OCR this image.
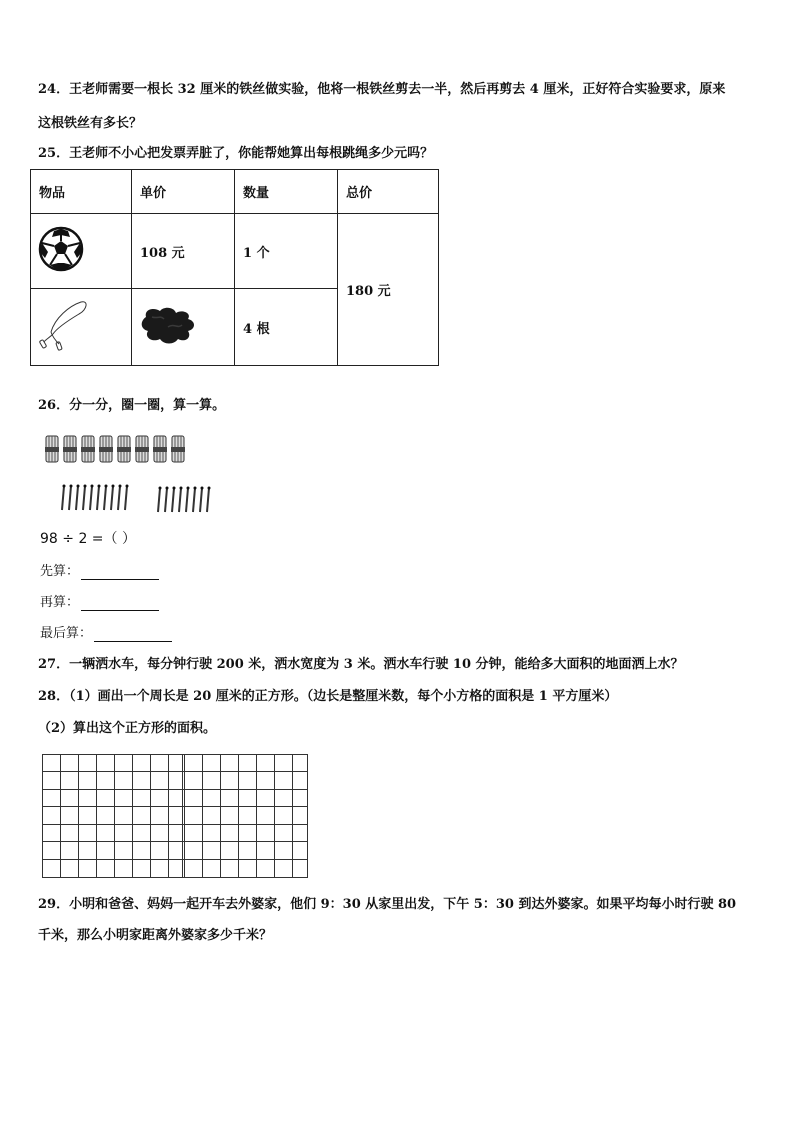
24．王老师需要一根长 32 厘米的铁丝做实验，他将一根铁丝剪去一半，然后再剪去 4 厘米，正好符合实验要求，原来
这根铁丝有多长？
25．王老师不小心把发票弄脏了，你能帮她算出每根跳绳多少元吗？
物品	单价	数量	总价
	108 元	1 个	180 元
		4 根	
26．分一分，圈一圈，算一算。
98 ÷ 2 =（ ）
先算：
再算：
最后算：
27．一辆洒水车，每分钟行驶 200 米，洒水宽度为 3 米。洒水车行驶 10 分钟，能给多大面积的地面洒上水？
28．（1）画出一个周长是 20 厘米的正方形。（边长是整厘米数，每个小方格的面积是 1 平方厘米）
（2）算出这个正方形的面积。
29．小明和爸爸、妈妈一起开车去外婆家，他们 9：30 从家里出发，下午 5：30 到达外婆家。如果平均每小时行驶 80
千米，那么小明家距离外婆家多少千米？
